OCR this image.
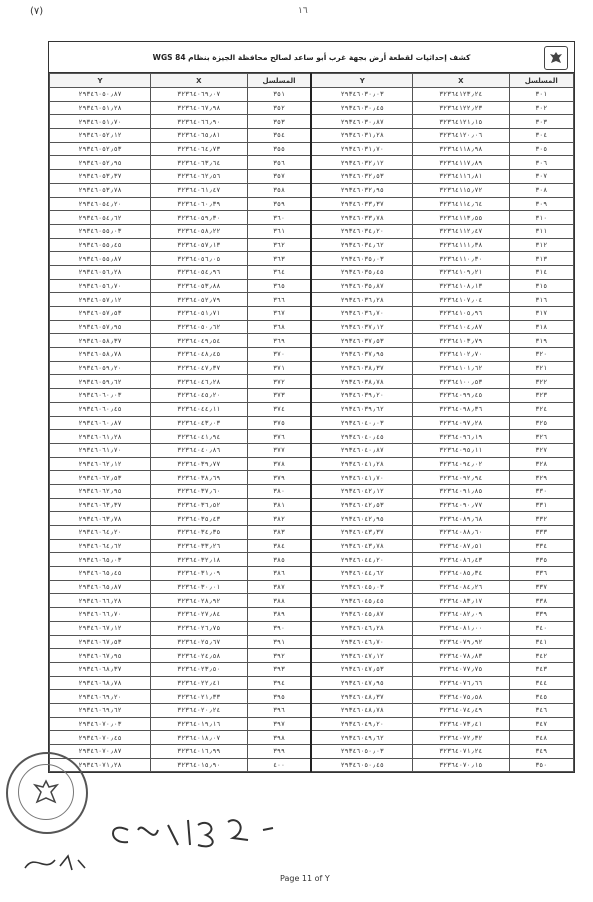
(٧)	١٦
كشف إحداثيات لقطعة أرض بجهة غرب أبو ساعد لصالح محافظة الجيزة بنظام WGS 84
Y	X	المسلسل	Y	X	المسلسل
٢٩٣٤٦٠٥٠٫٨٧	٣٢٣٦٤٠٦٩٫٠٧	٣٥١	٢٩٣٤٦٠٣٠٫٠٣	٣٢٣٦٤١٢٣٫٢٤	٣٠١
٢٩٣٤٦٠٥١٫٢٨	٣٢٣٦٤٠٦٧٫٩٨	٣٥٢	٢٩٣٤٦٠٣٠٫٤٥	٣٢٣٦٤١٢٢٫٢٣	٣٠٢
٢٩٣٤٦٠٥١٫٧٠	٣٢٣٦٤٠٦٦٫٩٠	٣٥٣	٢٩٣٤٦٠٣٠٫٨٧	٣٢٣٦٤١٢١٫١٥	٣٠٣
٢٩٣٤٦٠٥٢٫١٢	٣٢٣٦٤٠٦٥٫٨١	٣٥٤	٢٩٣٤٦٠٣١٫٢٨	٣٢٣٦٤١٢٠٫٠٦	٣٠٤
٢٩٣٤٦٠٥٢٫٥٣	٣٢٣٦٤٠٦٤٫٧٣	٣٥٥	٢٩٣٤٦٠٣١٫٧٠	٣٢٣٦٤١١٨٫٩٨	٣٠٥
٢٩٣٤٦٠٥٢٫٩٥	٣٢٣٦٤٠٦٣٫٦٤	٣٥٦	٢٩٣٤٦٠٣٢٫١٢	٣٢٣٦٤١١٧٫٨٩	٣٠٦
٢٩٣٤٦٠٥٣٫٣٧	٣٢٣٦٤٠٦٢٫٥٦	٣٥٧	٢٩٣٤٦٠٣٢٫٥٣	٣٢٣٦٤١١٦٫٨١	٣٠٧
٢٩٣٤٦٠٥٣٫٧٨	٣٢٣٦٤٠٦١٫٤٧	٣٥٨	٢٩٣٤٦٠٣٢٫٩٥	٣٢٣٦٤١١٥٫٧٢	٣٠٨
٢٩٣٤٦٠٥٤٫٢٠	٣٢٣٦٤٠٦٠٫٣٩	٣٥٩	٢٩٣٤٦٠٣٣٫٣٧	٣٢٣٦٤١١٤٫٦٤	٣٠٩
٢٩٣٤٦٠٥٤٫٦٢	٣٢٣٦٤٠٥٩٫٣٠	٣٦٠	٢٩٣٤٦٠٣٣٫٧٨	٣٢٣٦٤١١٣٫٥٥	٣١٠
٢٩٣٤٦٠٥٥٫٠٣	٣٢٣٦٤٠٥٨٫٢٢	٣٦١	٢٩٣٤٦٠٣٤٫٢٠	٣٢٣٦٤١١٢٫٤٧	٣١١
٢٩٣٤٦٠٥٥٫٤٥	٣٢٣٦٤٠٥٧٫١٣	٣٦٢	٢٩٣٤٦٠٣٤٫٦٢	٣٢٣٦٤١١١٫٣٨	٣١٢
٢٩٣٤٦٠٥٥٫٨٧	٣٢٣٦٤٠٥٦٫٠٥	٣٦٣	٢٩٣٤٦٠٣٥٫٠٣	٣٢٣٦٤١١٠٫٣٠	٣١٣
٢٩٣٤٦٠٥٦٫٢٨	٣٢٣٦٤٠٥٤٫٩٦	٣٦٤	٢٩٣٤٦٠٣٥٫٤٥	٣٢٣٦٤١٠٩٫٢١	٣١٤
٢٩٣٤٦٠٥٦٫٧٠	٣٢٣٦٤٠٥٣٫٨٨	٣٦٥	٢٩٣٤٦٠٣٥٫٨٧	٣٢٣٦٤١٠٨٫١٣	٣١٥
٢٩٣٤٦٠٥٧٫١٢	٣٢٣٦٤٠٥٢٫٧٩	٣٦٦	٢٩٣٤٦٠٣٦٫٢٨	٣٢٣٦٤١٠٧٫٠٤	٣١٦
٢٩٣٤٦٠٥٧٫٥٣	٣٢٣٦٤٠٥١٫٧١	٣٦٧	٢٩٣٤٦٠٣٦٫٧٠	٣٢٣٦٤١٠٥٫٩٦	٣١٧
٢٩٣٤٦٠٥٧٫٩٥	٣٢٣٦٤٠٥٠٫٦٢	٣٦٨	٢٩٣٤٦٠٣٧٫١٢	٣٢٣٦٤١٠٤٫٨٧	٣١٨
٢٩٣٤٦٠٥٨٫٣٧	٣٢٣٦٤٠٤٩٫٥٤	٣٦٩	٢٩٣٤٦٠٣٧٫٥٣	٣٢٣٦٤١٠٣٫٧٩	٣١٩
٢٩٣٤٦٠٥٨٫٧٨	٣٢٣٦٤٠٤٨٫٤٥	٣٧٠	٢٩٣٤٦٠٣٧٫٩٥	٣٢٣٦٤١٠٢٫٧٠	٣٢٠
٢٩٣٤٦٠٥٩٫٢٠	٣٢٣٦٤٠٤٧٫٣٧	٣٧١	٢٩٣٤٦٠٣٨٫٣٧	٣٢٣٦٤١٠١٫٦٢	٣٢١
٢٩٣٤٦٠٥٩٫٦٢	٣٢٣٦٤٠٤٦٫٢٨	٣٧٢	٢٩٣٤٦٠٣٨٫٧٨	٣٢٣٦٤١٠٠٫٥٣	٣٢٢
٢٩٣٤٦٠٦٠٫٠٣	٣٢٣٦٤٠٤٥٫٢٠	٣٧٣	٢٩٣٤٦٠٣٩٫٢٠	٣٢٣٦٤٠٩٩٫٤٥	٣٢٣
٢٩٣٤٦٠٦٠٫٤٥	٣٢٣٦٤٠٤٤٫١١	٣٧٤	٢٩٣٤٦٠٣٩٫٦٢	٣٢٣٦٤٠٩٨٫٣٦	٣٢٤
٢٩٣٤٦٠٦٠٫٨٧	٣٢٣٦٤٠٤٣٫٠٣	٣٧٥	٢٩٣٤٦٠٤٠٫٠٣	٣٢٣٦٤٠٩٧٫٢٨	٣٢٥
٢٩٣٤٦٠٦١٫٢٨	٣٢٣٦٤٠٤١٫٩٤	٣٧٦	٢٩٣٤٦٠٤٠٫٤٥	٣٢٣٦٤٠٩٦٫١٩	٣٢٦
٢٩٣٤٦٠٦١٫٧٠	٣٢٣٦٤٠٤٠٫٨٦	٣٧٧	٢٩٣٤٦٠٤٠٫٨٧	٣٢٣٦٤٠٩٥٫١١	٣٢٧
٢٩٣٤٦٠٦٢٫١٢	٣٢٣٦٤٠٣٩٫٧٧	٣٧٨	٢٩٣٤٦٠٤١٫٢٨	٣٢٣٦٤٠٩٤٫٠٢	٣٢٨
٢٩٣٤٦٠٦٢٫٥٣	٣٢٣٦٤٠٣٨٫٦٩	٣٧٩	٢٩٣٤٦٠٤١٫٧٠	٣٢٣٦٤٠٩٢٫٩٤	٣٢٩
٢٩٣٤٦٠٦٢٫٩٥	٣٢٣٦٤٠٣٧٫٦٠	٣٨٠	٢٩٣٤٦٠٤٢٫١٢	٣٢٣٦٤٠٩١٫٨٥	٣٣٠
٢٩٣٤٦٠٦٣٫٣٧	٣٢٣٦٤٠٣٦٫٥٢	٣٨١	٢٩٣٤٦٠٤٢٫٥٣	٣٢٣٦٤٠٩٠٫٧٧	٣٣١
٢٩٣٤٦٠٦٣٫٧٨	٣٢٣٦٤٠٣٥٫٤٣	٣٨٢	٢٩٣٤٦٠٤٢٫٩٥	٣٢٣٦٤٠٨٩٫٦٨	٣٣٢
٢٩٣٤٦٠٦٤٫٢٠	٣٢٣٦٤٠٣٤٫٣٥	٣٨٣	٢٩٣٤٦٠٤٣٫٣٧	٣٢٣٦٤٠٨٨٫٦٠	٣٣٣
٢٩٣٤٦٠٦٤٫٦٢	٣٢٣٦٤٠٣٣٫٢٦	٣٨٤	٢٩٣٤٦٠٤٣٫٧٨	٣٢٣٦٤٠٨٧٫٥١	٣٣٤
٢٩٣٤٦٠٦٥٫٠٣	٣٢٣٦٤٠٣٢٫١٨	٣٨٥	٢٩٣٤٦٠٤٤٫٢٠	٣٢٣٦٤٠٨٦٫٤٣	٣٣٥
٢٩٣٤٦٠٦٥٫٤٥	٣٢٣٦٤٠٣١٫٠٩	٣٨٦	٢٩٣٤٦٠٤٤٫٦٢	٣٢٣٦٤٠٨٥٫٣٤	٣٣٦
٢٩٣٤٦٠٦٥٫٨٧	٣٢٣٦٤٠٣٠٫٠١	٣٨٧	٢٩٣٤٦٠٤٥٫٠٣	٣٢٣٦٤٠٨٤٫٢٦	٣٣٧
٢٩٣٤٦٠٦٦٫٢٨	٣٢٣٦٤٠٢٨٫٩٢	٣٨٨	٢٩٣٤٦٠٤٥٫٤٥	٣٢٣٦٤٠٨٣٫١٧	٣٣٨
٢٩٣٤٦٠٦٦٫٧٠	٣٢٣٦٤٠٢٧٫٨٤	٣٨٩	٢٩٣٤٦٠٤٥٫٨٧	٣٢٣٦٤٠٨٢٫٠٩	٣٣٩
٢٩٣٤٦٠٦٧٫١٢	٣٢٣٦٤٠٢٦٫٧٥	٣٩٠	٢٩٣٤٦٠٤٦٫٢٨	٣٢٣٦٤٠٨١٫٠٠	٣٤٠
٢٩٣٤٦٠٦٧٫٥٣	٣٢٣٦٤٠٢٥٫٦٧	٣٩١	٢٩٣٤٦٠٤٦٫٧٠	٣٢٣٦٤٠٧٩٫٩٢	٣٤١
٢٩٣٤٦٠٦٧٫٩٥	٣٢٣٦٤٠٢٤٫٥٨	٣٩٢	٢٩٣٤٦٠٤٧٫١٢	٣٢٣٦٤٠٧٨٫٨٣	٣٤٢
٢٩٣٤٦٠٦٨٫٣٧	٣٢٣٦٤٠٢٣٫٥٠	٣٩٣	٢٩٣٤٦٠٤٧٫٥٣	٣٢٣٦٤٠٧٧٫٧٥	٣٤٣
٢٩٣٤٦٠٦٨٫٧٨	٣٢٣٦٤٠٢٢٫٤١	٣٩٤	٢٩٣٤٦٠٤٧٫٩٥	٣٢٣٦٤٠٧٦٫٦٦	٣٤٤
٢٩٣٤٦٠٦٩٫٢٠	٣٢٣٦٤٠٢١٫٣٣	٣٩٥	٢٩٣٤٦٠٤٨٫٣٧	٣٢٣٦٤٠٧٥٫٥٨	٣٤٥
٢٩٣٤٦٠٦٩٫٦٢	٣٢٣٦٤٠٢٠٫٢٤	٣٩٦	٢٩٣٤٦٠٤٨٫٧٨	٣٢٣٦٤٠٧٤٫٤٩	٣٤٦
٢٩٣٤٦٠٧٠٫٠٣	٣٢٣٦٤٠١٩٫١٦	٣٩٧	٢٩٣٤٦٠٤٩٫٢٠	٣٢٣٦٤٠٧٣٫٤١	٣٤٧
٢٩٣٤٦٠٧٠٫٤٥	٣٢٣٦٤٠١٨٫٠٧	٣٩٨	٢٩٣٤٦٠٤٩٫٦٢	٣٢٣٦٤٠٧٢٫٣٢	٣٤٨
٢٩٣٤٦٠٧٠٫٨٧	٣٢٣٦٤٠١٦٫٩٩	٣٩٩	٢٩٣٤٦٠٥٠٫٠٣	٣٢٣٦٤٠٧١٫٢٤	٣٤٩
٢٩٣٤٦٠٧١٫٢٨	٣٢٣٦٤٠١٥٫٩٠	٤٠٠	٢٩٣٤٦٠٥٠٫٤٥	٣٢٣٦٤٠٧٠٫١٥	٣٥٠
Page 11 of Y
